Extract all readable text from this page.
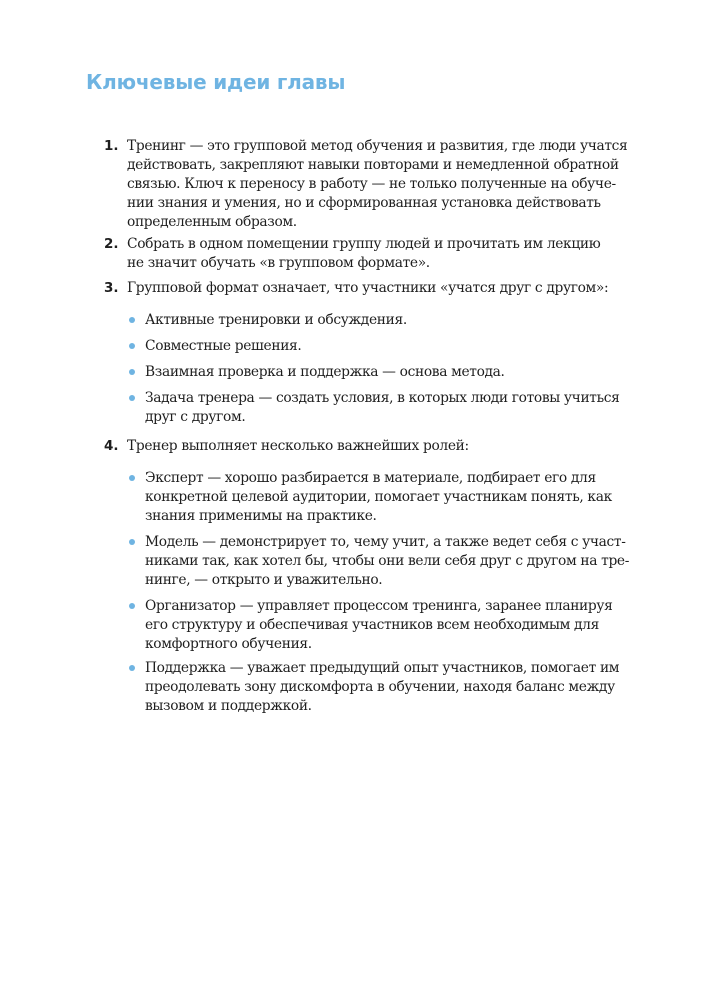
Ключевые идеи главы
1. Тренинг — это групповой метод обучения и развития, где люди учатся
действовать, закрепляют навыки повторами и немедленной обратной
связью. Ключ к переносу в работу — не только полученные на обуче-
нии знания и умения, но и сформированная установка действовать
определенным образом.
2. Собрать в одном помещении группу людей и прочитать им лекцию
не значит обучать «в групповом формате».
3. Групповой формат означает, что участники «учатся друг с другом»:
Активные тренировки и обсуждения.
Совместные решения.
Взаимная проверка и поддержка — основа метода.
Задача тренера — создать условия, в которых люди готовы учиться
друг с другом.
4. Тренер выполняет несколько важнейших ролей:
Эксперт — хорошо разбирается в материале, подбирает его для
конкретной целевой аудитории, помогает участникам понять, как
знания применимы на практике.
Модель — демонстрирует то, чему учит, а также ведет себя с участ-
никами так, как хотел бы, чтобы они вели себя друг с другом на тре-
нинге, — открыто и уважительно.
Организатор — управляет процессом тренинга, заранее планируя
его структуру и обеспечивая участников всем необходимым для
комфортного обучения.
Поддержка — уважает предыдущий опыт участников, помогает им
преодолевать зону дискомфорта в обучении, находя баланс между
вызовом и поддержкой.
